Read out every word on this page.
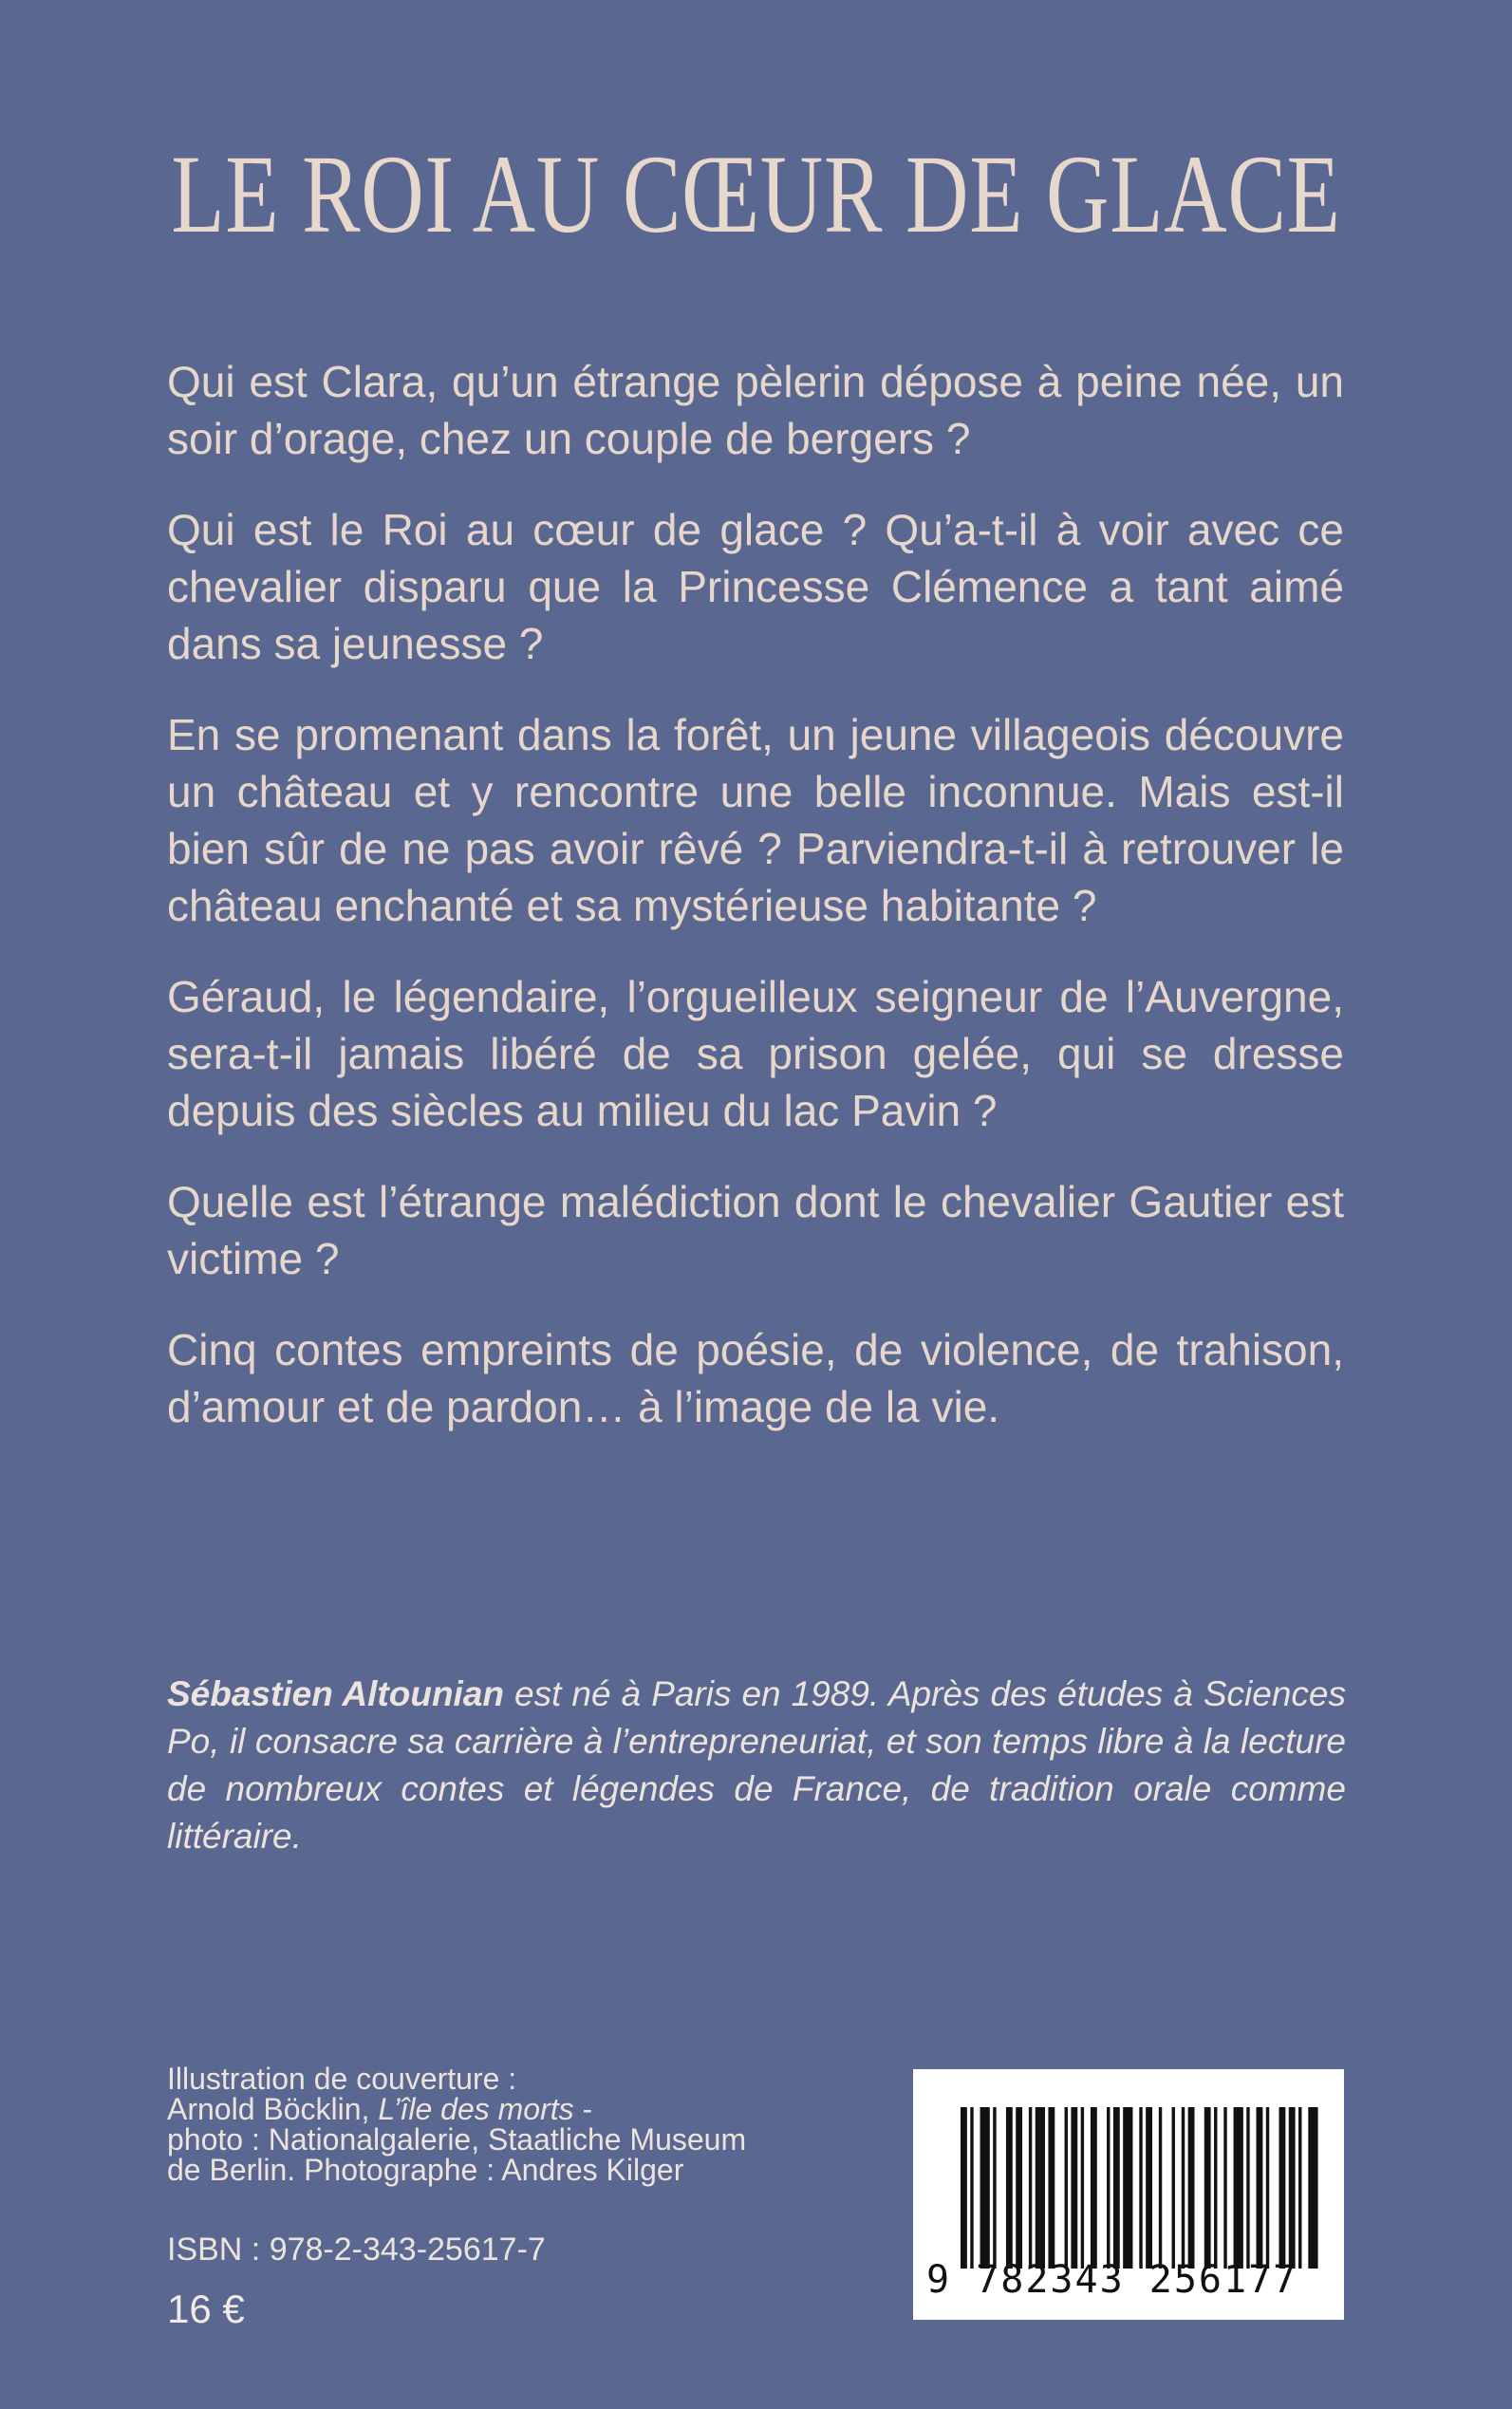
LE ROI AU CŒUR DE GLACE

Qui est Clara, qu’un étrange pèlerin dépose à peine née, un soir d’orage, chez un couple de bergers ?

Qui est le Roi au cœur de glace ? Qu’a-t-il à voir avec ce chevalier disparu que la Princesse Clémence a tant aimé dans sa jeunesse ?

En se promenant dans la forêt, un jeune villageois découvre un château et y rencontre une belle inconnue. Mais est-il bien sûr de ne pas avoir rêvé ? Parviendra-t-il à retrouver le château enchanté et sa mystérieuse habitante ?

Géraud, le légendaire, l’orgueilleux seigneur de l’Auvergne, sera-t-il jamais libéré de sa prison gelée, qui se dresse depuis des siècles au milieu du lac Pavin ?

Quelle est l’étrange malédiction dont le chevalier Gautier est victime ?

Cinq contes empreints de poésie, de violence, de trahison, d’amour et de pardon… à l’image de la vie.

Sébastien Altounian est né à Paris en 1989. Après des études à Sciences Po, il consacre sa carrière à l’entrepreneuriat, et son temps libre à la lecture de nombreux contes et légendes de France, de tradition orale comme littéraire.
Illustration de couverture :
Arnold Böcklin, L’île des morts -
photo : Nationalgalerie, Staatliche Museum
de Berlin. Photographe : Andres Kilger
ISBN : 978-2-343-25617-7
16 €
9 782343 256177
